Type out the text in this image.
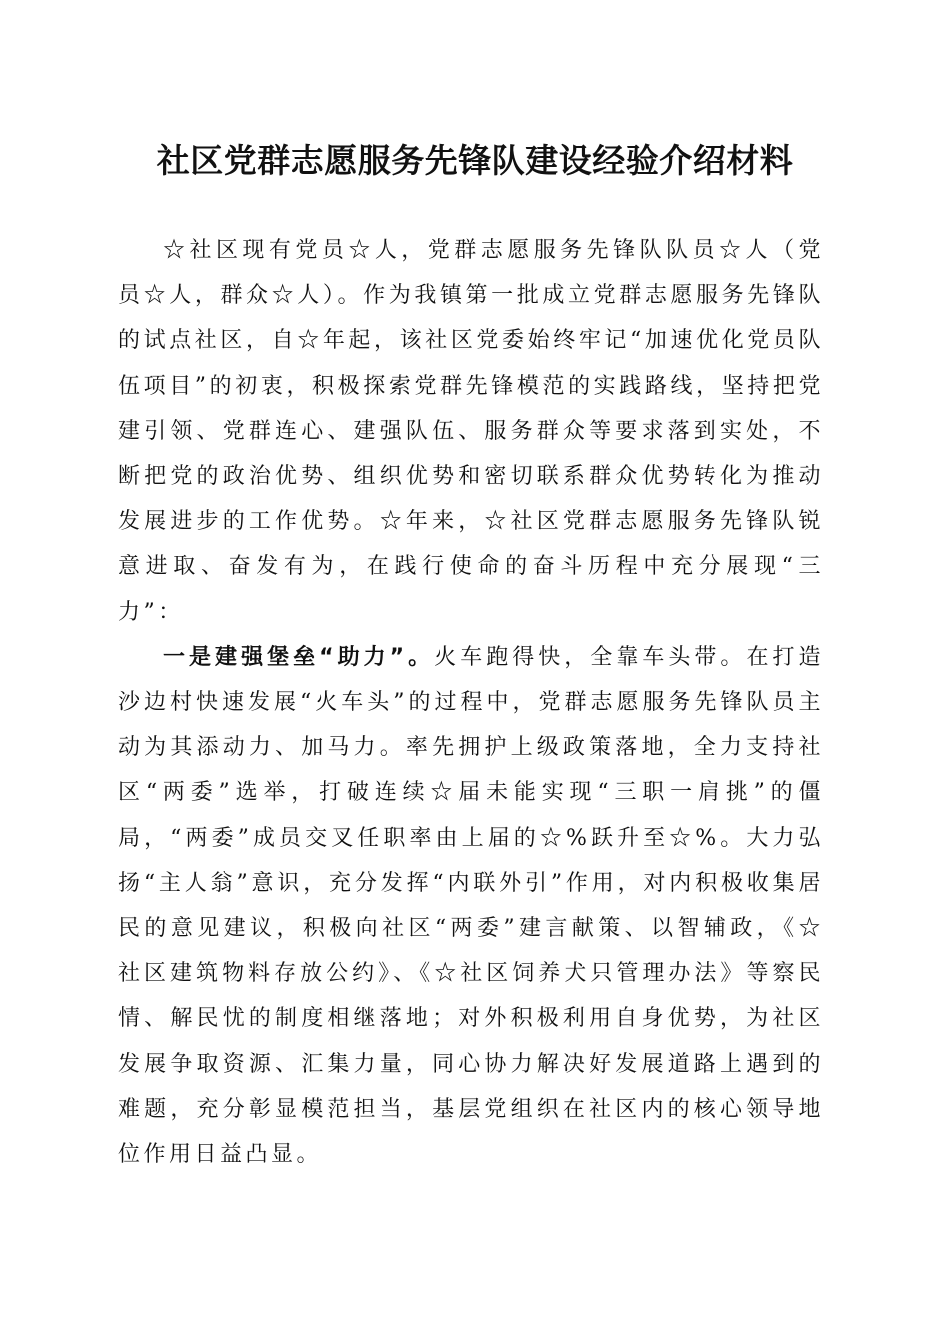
社区党群志愿服务先锋队建设经验介绍材料

☆社区现有党员☆人，党群志愿服务先锋队队员☆人（党员☆人，群众☆人）。作为我镇第一批成立党群志愿服务先锋队的试点社区，自☆年起，该社区党委始终牢记“加速优化党员队伍项目”的初衷，积极探索党群先锋模范的实践路线，坚持把党建引领、党群连心、建强队伍、服务群众等要求落到实处，不断把党的政治优势、组织优势和密切联系群众优势转化为推动发展进步的工作优势。☆年来，☆社区党群志愿服务先锋队锐意进取、奋发有为，在践行使命的奋斗历程中充分展现“三力”：

一是建强堡垒“助力”。火车跑得快，全靠车头带。在打造沙边村快速发展“火车头”的过程中，党群志愿服务先锋队员主动为其添动力、加马力。率先拥护上级政策落地，全力支持社区“两委”选举，打破连续☆届未能实现“三职一肩挑”的僵局，“两委”成员交叉任职率由上届的☆%跃升至☆%。大力弘扬“主人翁”意识，充分发挥“内联外引”作用，对内积极收集居民的意见建议，积极向社区“两委”建言献策、以智辅政，《☆社区建筑物料存放公约》、《☆社区饲养犬只管理办法》等察民情、解民忧的制度相继落地；对外积极利用自身优势，为社区发展争取资源、汇集力量，同心协力解决好发展道路上遇到的难题，充分彰显模范担当，基层党组织在社区内的核心领导地位作用日益凸显。
